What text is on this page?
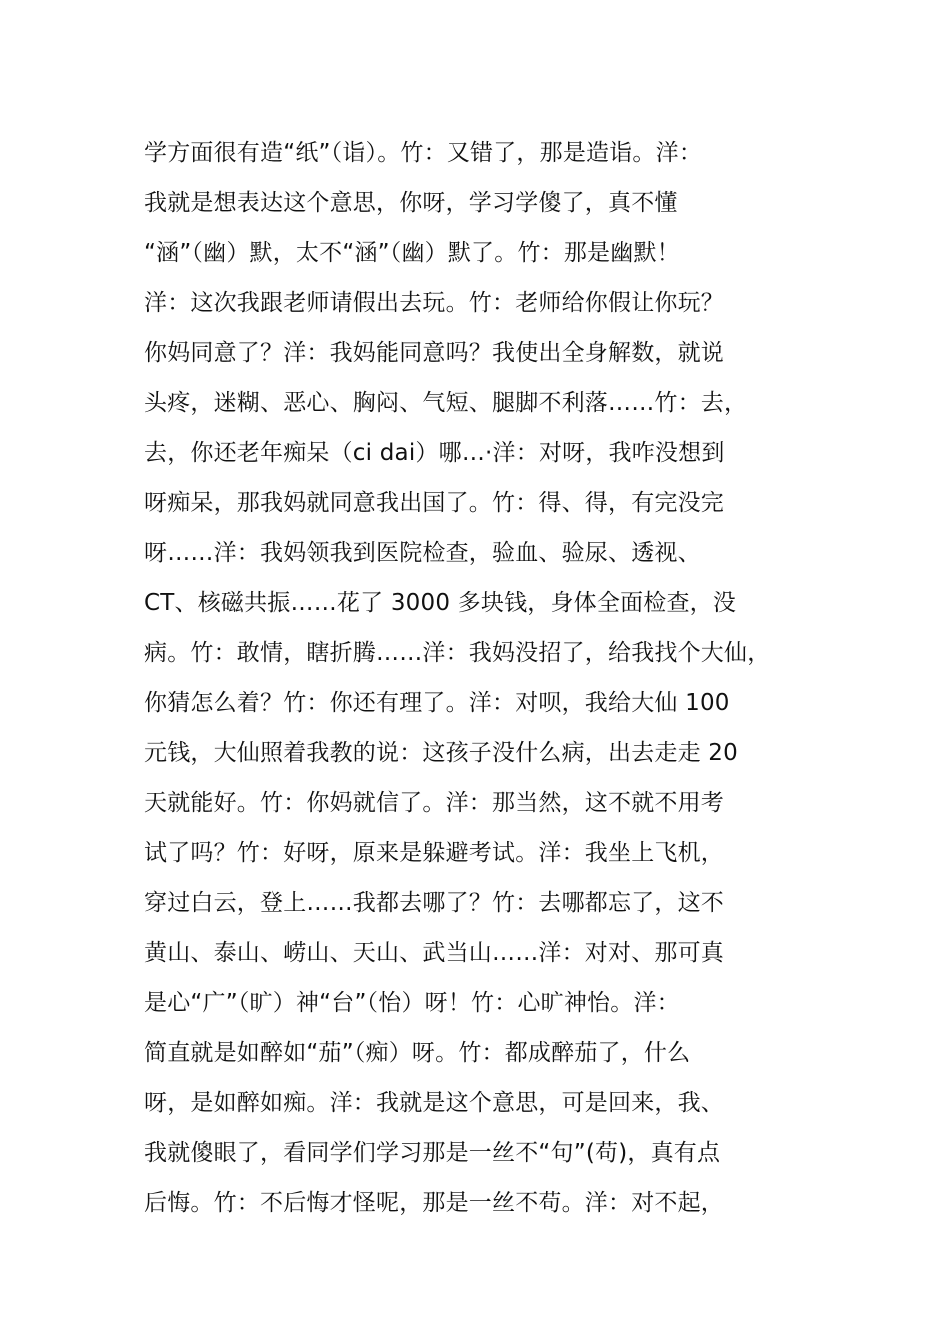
学方面很有造“纸”（诣）。竹：又错了，那是造诣。洋：
我就是想表达这个意思，你呀，学习学傻了，真不懂
“涵”（幽）默，太不“涵”（幽）默了。竹：那是幽默！
洋：这次我跟老师请假出去玩。竹：老师给你假让你玩？
你妈同意了？洋：我妈能同意吗？我使出全身解数，就说
头疼，迷糊、恶心、胸闷、气短、腿脚不利落……竹：去，
去，你还老年痴呆（ci dai）哪…·洋：对呀，我咋没想到
呀痴呆，那我妈就同意我出国了。竹：得、得，有完没完
呀……洋：我妈领我到医院检查，验血、验尿、透视、
CT、核磁共振……花了 3000 多块钱，身体全面检查，没
病。竹：敢情，瞎折腾……洋：我妈没招了，给我找个大仙，
你猜怎么着？竹：你还有理了。洋：对呗，我给大仙 100
元钱，大仙照着我教的说：这孩子没什么病，出去走走 20
天就能好。竹：你妈就信了。洋：那当然，这不就不用考
试了吗？竹：好呀，原来是躲避考试。洋：我坐上飞机，
穿过白云，登上……我都去哪了？竹：去哪都忘了，这不
黄山、泰山、崂山、天山、武当山……洋：对对、那可真
是心“广”（旷）神“台”（怡）呀！竹：心旷神怡。洋：
简直就是如醉如“茄”（痴）呀。竹：都成醉茄了，什么
呀，是如醉如痴。洋：我就是这个意思，可是回来，我、
我就傻眼了，看同学们学习那是一丝不“句”(苟)，真有点
后悔。竹：不后悔才怪呢，那是一丝不苟。洋：对不起，
